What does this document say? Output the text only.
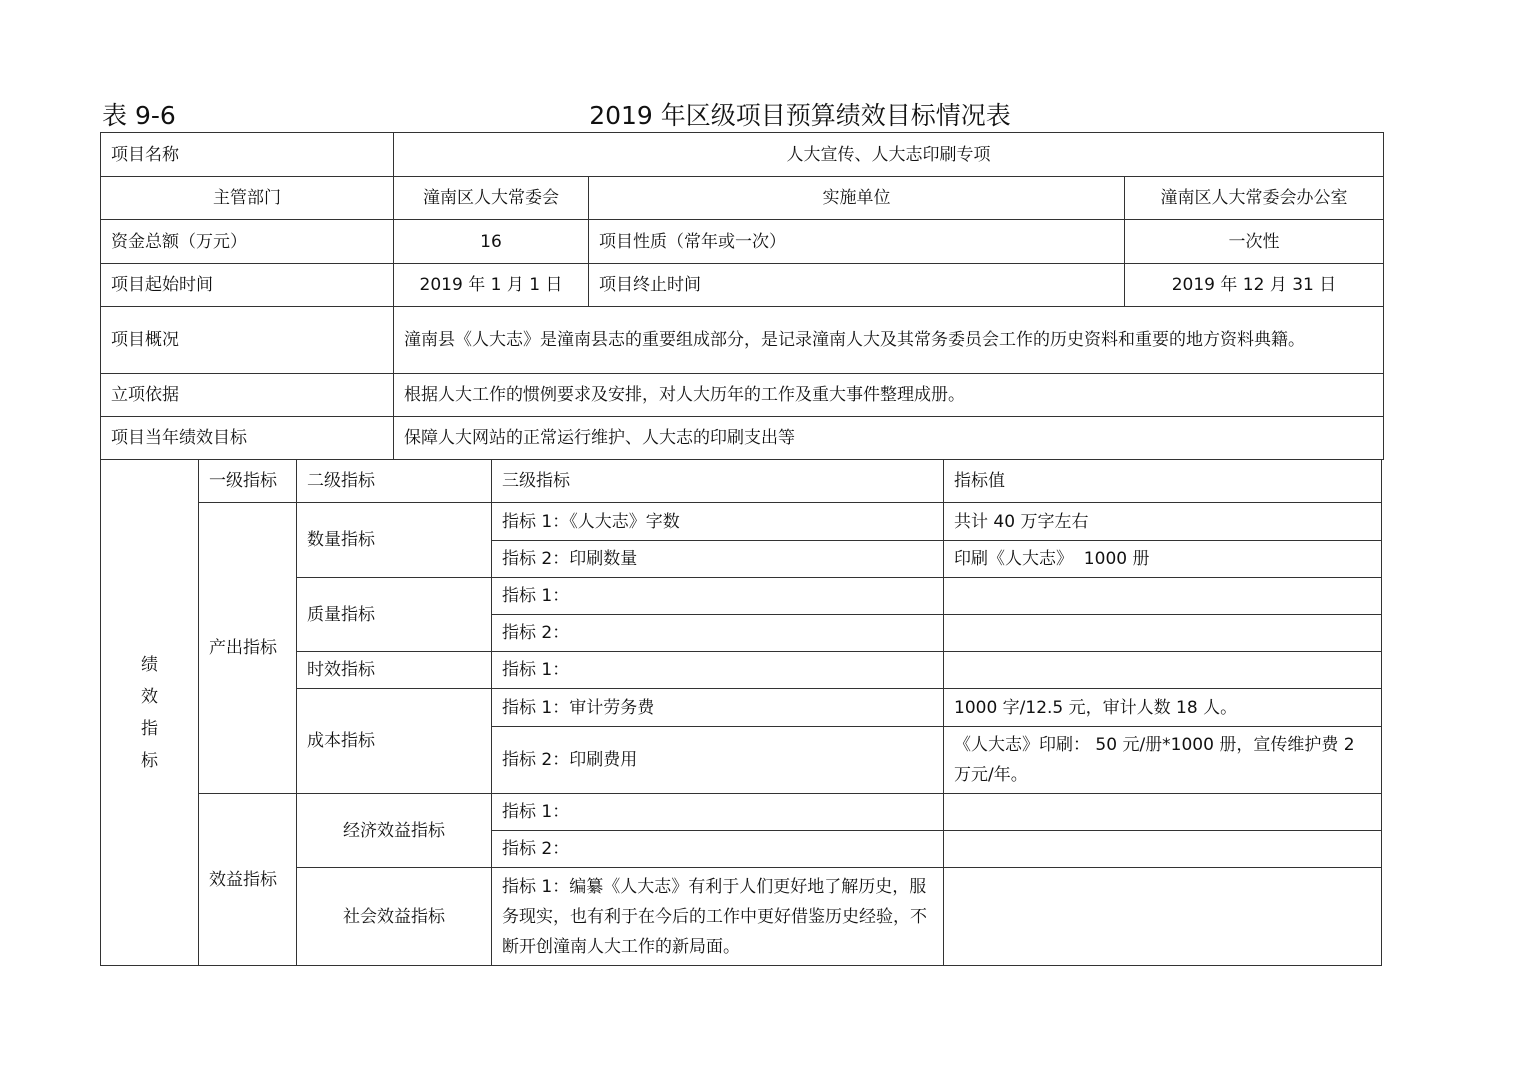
表 9-6	2019 年区级项目预算绩效目标情况表
项目名称	人大宣传、人大志印刷专项		
主管部门	潼南区人大常委会	实施单位	潼南区人大常委会办公室
资金总额（万元）	16	项目性质（常年或一次）	一次性
项目起始时间	2019 年 1 月 1 日	项目终止时间	2019 年 12 月 31 日
项目概况	潼南县《人大志》是潼南县志的重要组成部分，是记录潼南人大及其常务委员会工作的历史资料和重要的地方资料典籍。		
立项依据	根据人大工作的惯例要求及安排，对人大历年的工作及重大事件整理成册。		
项目当年绩效目标	保障人大网站的正常运行维护、人大志的印刷支出等		
绩
效
指
标	一级指标	二级指标	三级指标	指标值
	产出指标	数量指标	指标 1：《人大志》字数	共计 40 万字左右
			指标 2：印刷数量	印刷《人大志》  1000 册
		质量指标	指标 1：	
			指标 2：	
		时效指标	指标 1：	
		成本指标	指标 1：审计劳务费	1000 字/12.5 元，审计人数 18 人。
			指标 2：印刷费用	《人大志》印刷： 50 元/册*1000 册，宣传维护费 2 万元/年。
	效益指标	经济效益指标	指标 1：	
			指标 2：	
		社会效益指标	指标 1：编纂《人大志》有利于人们更好地了解历史，服务现实，也有利于在今后的工作中更好借鉴历史经验，不断开创潼南人大工作的新局面。	
